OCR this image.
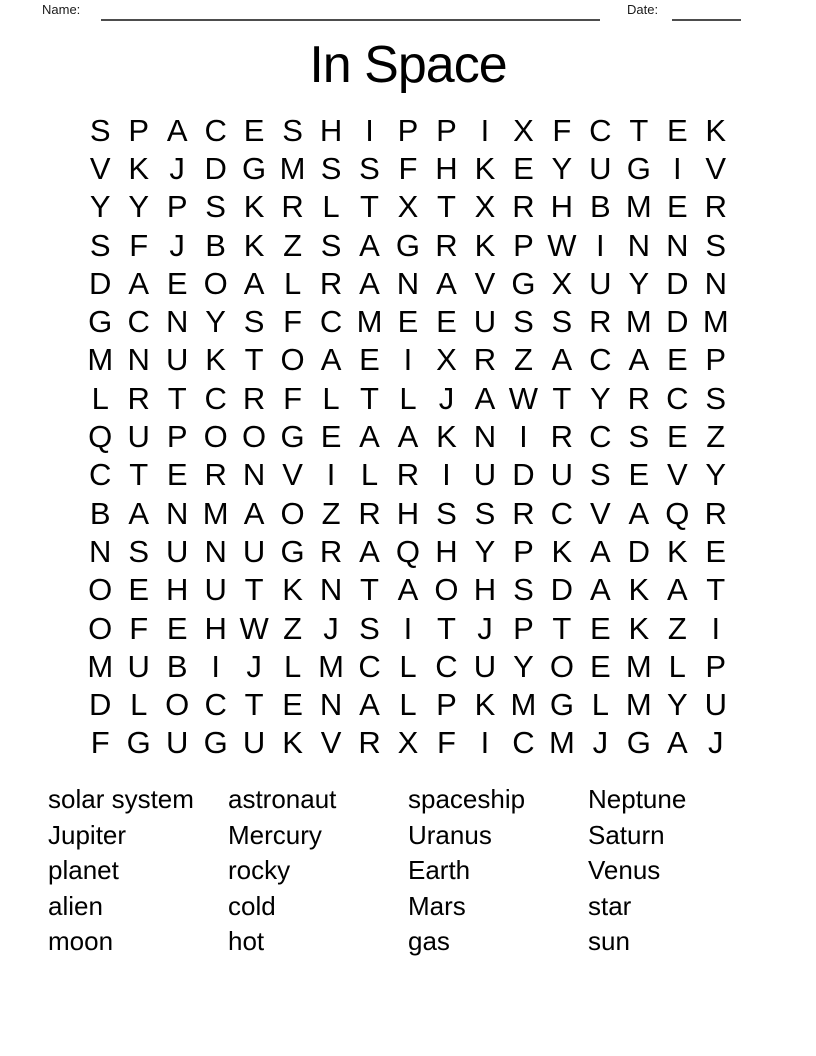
Name:	Date:
In Space
S P A C E S H I P P I X F C T E K
V K J D G M S S F H K E Y U G I V
Y Y P S K R L T X T X R H B M E R
S F J B K Z S A G R K P W I N N S
D A E O A L R A N A V G X U Y D N
G C N Y S F C M E E U S S R M D M
M N U K T O A E I X R Z A C A E P
L R T C R F L T L J A W T Y R C S
Q U P O O G E A A K N I R C S E Z
C T E R N V I L R I U D U S E V Y
B A N M A O Z R H S S R C V A Q R
N S U N U G R A Q H Y P K A D K E
O E H U T K N T A O H S D A K A T
O F E H W Z J S I T J P T E K Z I
M U B I J L M C L C U Y O E M L P
D L O C T E N A L P K M G L M Y U
F G U G U K V R X F I C M J G A J
solar system
Jupiter
planet
alien
moon
astronaut
Mercury
rocky
cold
hot
spaceship
Uranus
Earth
Mars
gas
Neptune
Saturn
Venus
star
sun
